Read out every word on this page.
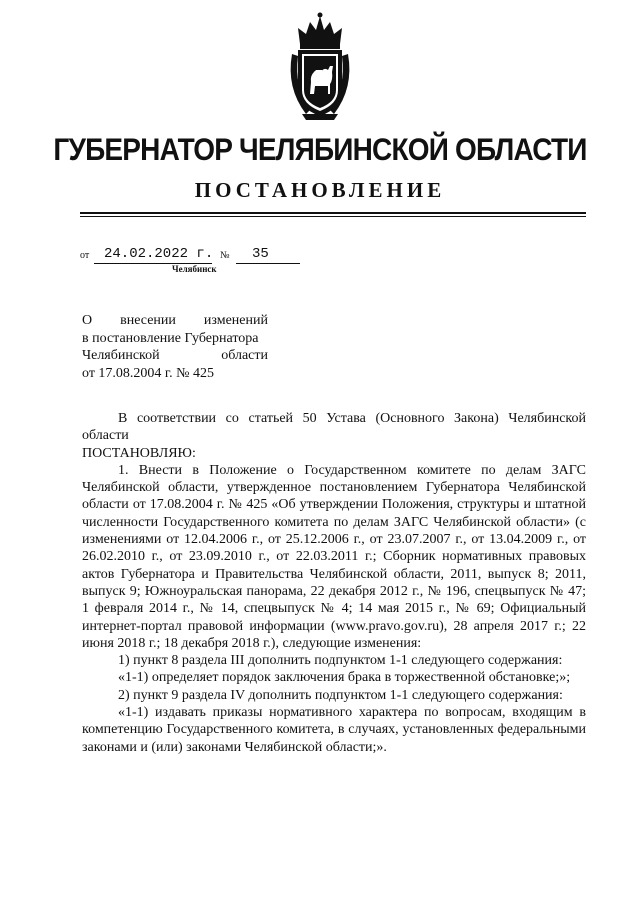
ГУБЕРНАТОР ЧЕЛЯБИНСКОЙ ОБЛАСТИ
ПОСТАНОВЛЕНИЕ
от 24.02.2022 г. № 35
Челябинск
О внесении изменений
в постановление Губернатора
Челябинской области
от 17.08.2004 г. № 425

В соответствии со статьей 50 Устава (Основного Закона) Челябинской области

ПОСТАНОВЛЯЮ:

1. Внести в Положение о Государственном комитете по делам ЗАГС Челябинской области, утвержденное постановлением Губернатора Челябинской области от 17.08.2004 г. № 425 «Об утверждении Положения, структуры и штатной численности Государственного комитета по делам ЗАГС Челябинской области» (с изменениями от 12.04.2006 г., от 25.12.2006 г., от 23.07.2007 г., от 13.04.2009 г., от 26.02.2010 г., от 23.09.2010 г., от 22.03.2011 г.; Сборник нормативных правовых актов Губернатора и Правительства Челябинской области, 2011, выпуск 8; 2011, выпуск 9; Южноуральская панорама, 22 декабря 2012 г., № 196, спецвыпуск № 47; 1 февраля 2014 г., № 14, спецвыпуск № 4; 14 мая 2015 г., № 69; Официальный интернет-портал правовой информации (www.pravo.gov.ru), 28 апреля 2017 г.; 22 июня 2018 г.; 18 декабря 2018 г.), следующие изменения:

1) пункт 8 раздела III дополнить подпунктом 1-1 следующего содержания:

«1-1) определяет порядок заключения брака в торжественной обстановке;»;

2) пункт 9 раздела IV дополнить подпунктом 1-1 следующего содержания:

«1-1) издавать приказы нормативного характера по вопросам, входящим в компетенцию Государственного комитета, в случаях, установленных федеральными законами и (или) законами Челябинской области;».
